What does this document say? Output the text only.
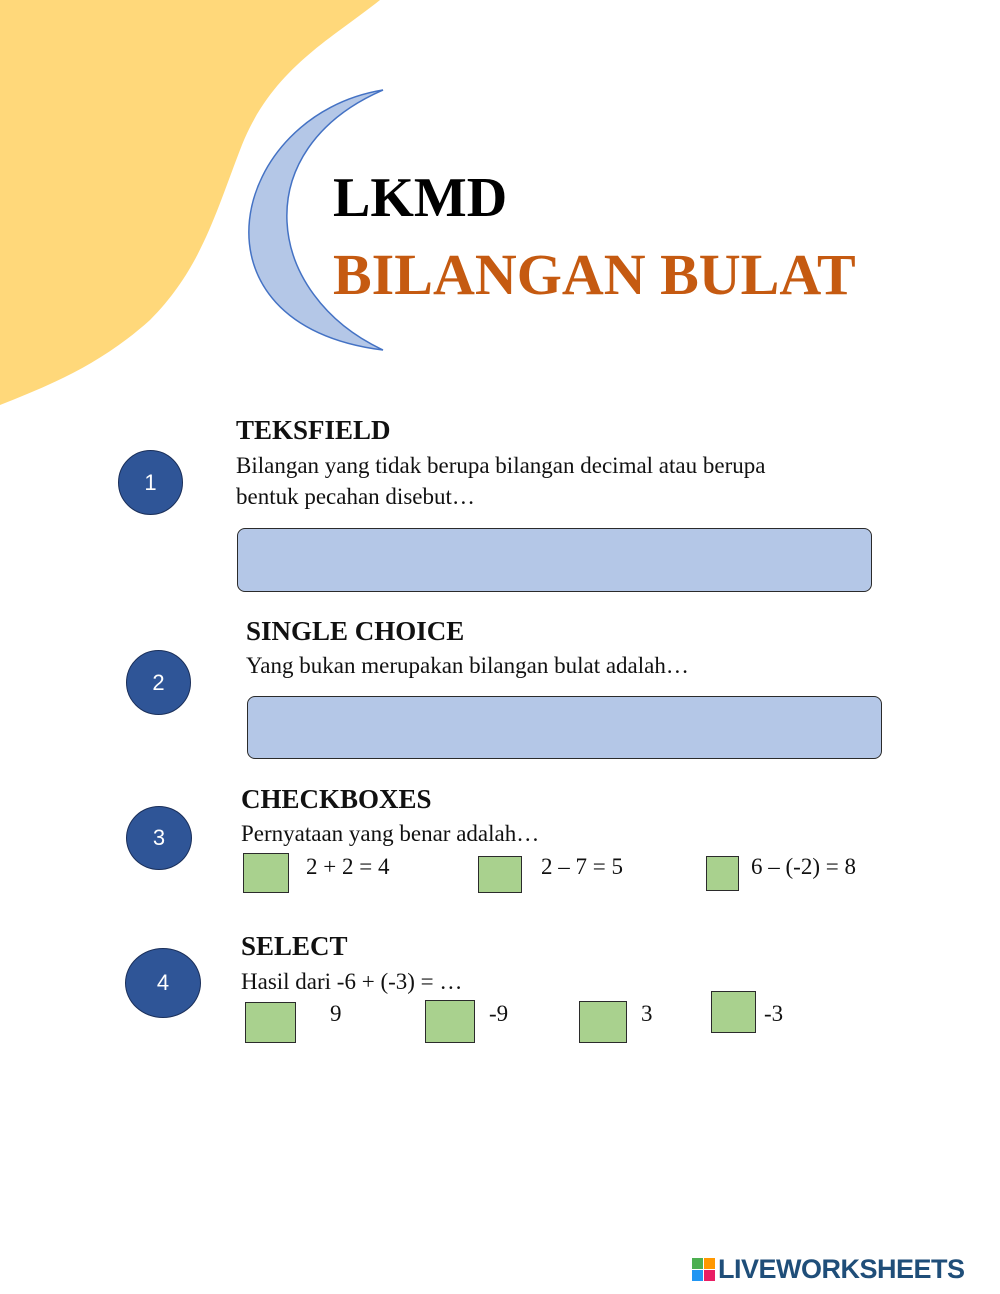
LKMD
BILANGAN BULAT
1
TEKSFIELD
Bilangan yang tidak berupa bilangan decimal atau berupa
bentuk pecahan disebut…
2
SINGLE CHOICE
Yang bukan merupakan bilangan bulat adalah…
3
CHECKBOXES
Pernyataan yang benar adalah…
2 + 2 = 4	2 – 7 = 5	6 – (-2) = 8
4
SELECT
Hasil dari -6 + (-3) = …
9	-9	3	-3
LIVEWORKSHEETS
